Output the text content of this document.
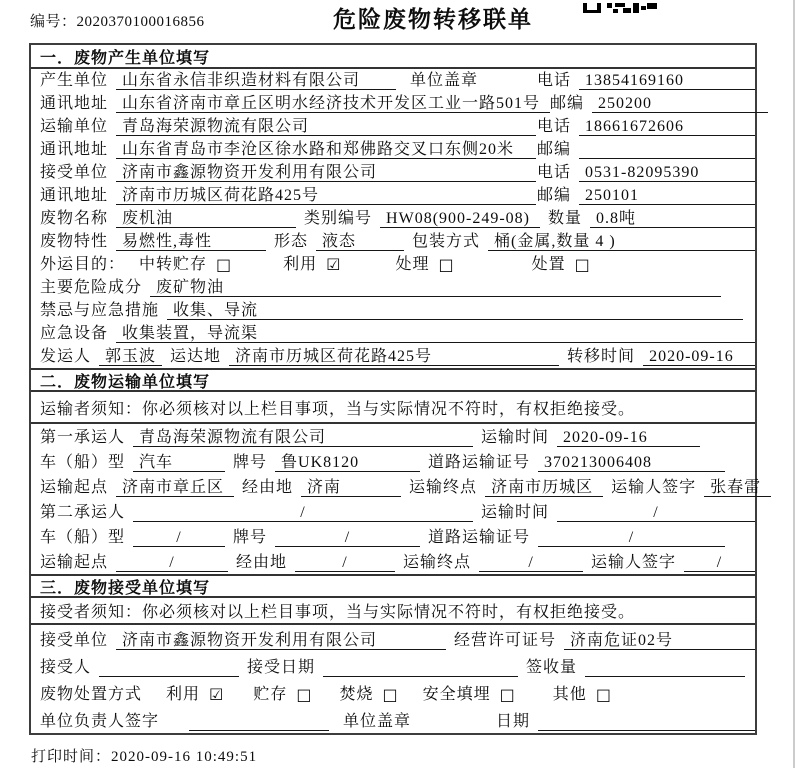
编号：2020370100016856	危险废物转移联单
一．废物产生单位填写
产生单位 山东省永信非织造材料有限公司	单位盖章	电话 13854169160
通讯地址 山东省济南市章丘区明水经济技术开发区工业一路501号 邮编 250200
运输单位 青岛海荣源物流有限公司	电话 18661672606
通讯地址 山东省青岛市李沧区徐水路和郑佛路交叉口东侧20米	邮编
接受单位 济南市鑫源物资开发利用有限公司	电话 0531-82095390
通讯地址 济南市历城区荷花路425号	邮编 250101
废物名称 废机油	类别编号 HW08(900-249-08)	数量 0.8吨
废物特性 易燃性,毒性	形态 液态	包装方式 桶(金属,数量 4 )
外运目的： 中转贮存 □	利用 ☑	处理 □	处置 □
主要危险成分 废矿物油
禁忌与应急措施 收集、导流
应急设备 收集装置，导流渠
发运人 郭玉波 运达地 济南市历城区荷花路425号	转移时间 2020-09-16
二．废物运输单位填写
运输者须知：你必须核对以上栏目事项，当与实际情况不符时，有权拒绝接受。
第一承运人 青岛海荣源物流有限公司	运输时间 2020-09-16
车（船）型 汽车	牌号 鲁UK8120	道路运输证号 370213006408
运输起点 济南市章丘区	经由地 济南	运输终点 济南市历城区	运输人签字 张春雷
第二承运人	/	运输时间	/
车（船）型	/	牌号	/	道路运输证号	/
运输起点	/	经由地	/	运输终点	/	运输人签字	/
三．废物接受单位填写
接受者须知：你必须核对以上栏目事项，当与实际情况不符时，有权拒绝接受。
接受单位 济南市鑫源物资开发利用有限公司	经营许可证号 济南危证02号
接受人	接受日期	签收量
废物处置方式 利用 ☑ 贮存 □ 焚烧 □ 安全填埋 □ 其他 □
单位负责人签字	单位盖章	日期
打印时间：2020-09-16 10:49:51
